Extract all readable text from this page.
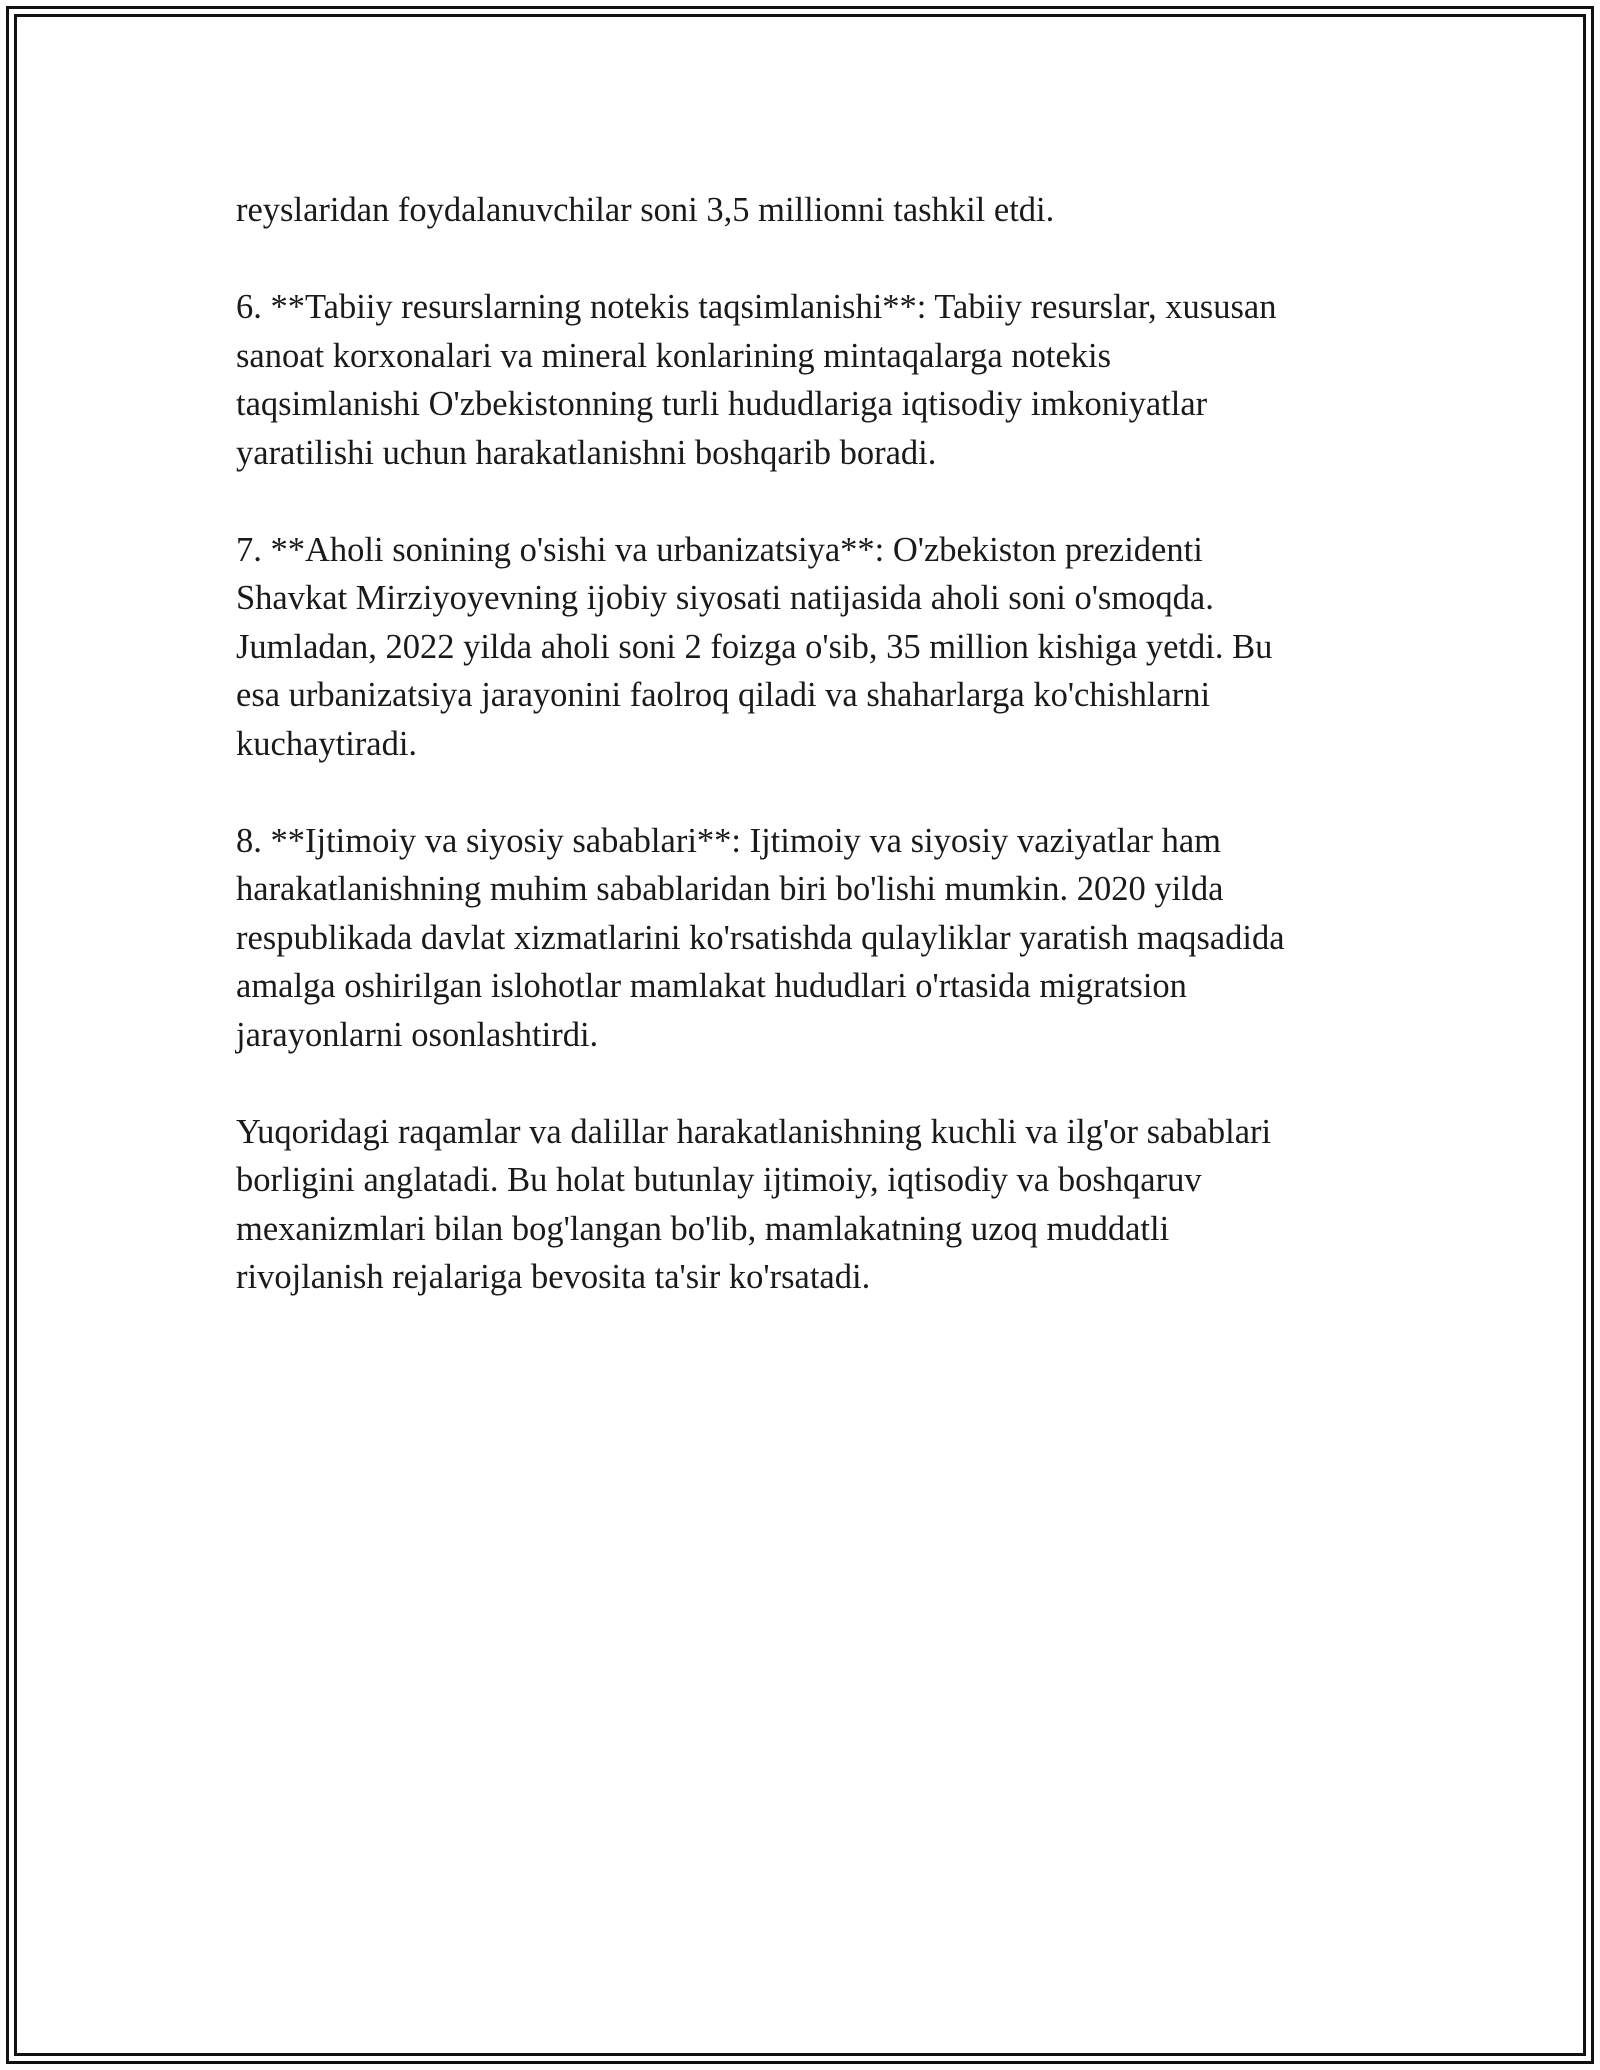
reyslaridan foydalanuvchilar soni 3,5 millionni tashkil etdi.

6. **Tabiiy resurslarning notekis taqsimlanishi**: Tabiiy resurslar, xususan
sanoat korxonalari va mineral konlarining mintaqalarga notekis
taqsimlanishi O'zbekistonning turli hududlariga iqtisodiy imkoniyatlar
yaratilishi uchun harakatlanishni boshqarib boradi.

7. **Aholi sonining o'sishi va urbanizatsiya**: O'zbekiston prezidenti
Shavkat Mirziyoyevning ijobiy siyosati natijasida aholi soni o'smoqda.
Jumladan, 2022 yilda aholi soni 2 foizga o'sib, 35 million kishiga yetdi. Bu
esa urbanizatsiya jarayonini faolroq qiladi va shaharlarga ko'chishlarni
kuchaytiradi.

8. **Ijtimoiy va siyosiy sabablari**: Ijtimoiy va siyosiy vaziyatlar ham
harakatlanishning muhim sabablaridan biri bo'lishi mumkin. 2020 yilda
respublikada davlat xizmatlarini ko'rsatishda qulayliklar yaratish maqsadida
amalga oshirilgan islohotlar mamlakat hududlari o'rtasida migratsion
jarayonlarni osonlashtirdi.

Yuqoridagi raqamlar va dalillar harakatlanishning kuchli va ilg'or sabablari
borligini anglatadi. Bu holat butunlay ijtimoiy, iqtisodiy va boshqaruv
mexanizmlari bilan bog'langan bo'lib, mamlakatning uzoq muddatli
rivojlanish rejalariga bevosita ta'sir ko'rsatadi.
